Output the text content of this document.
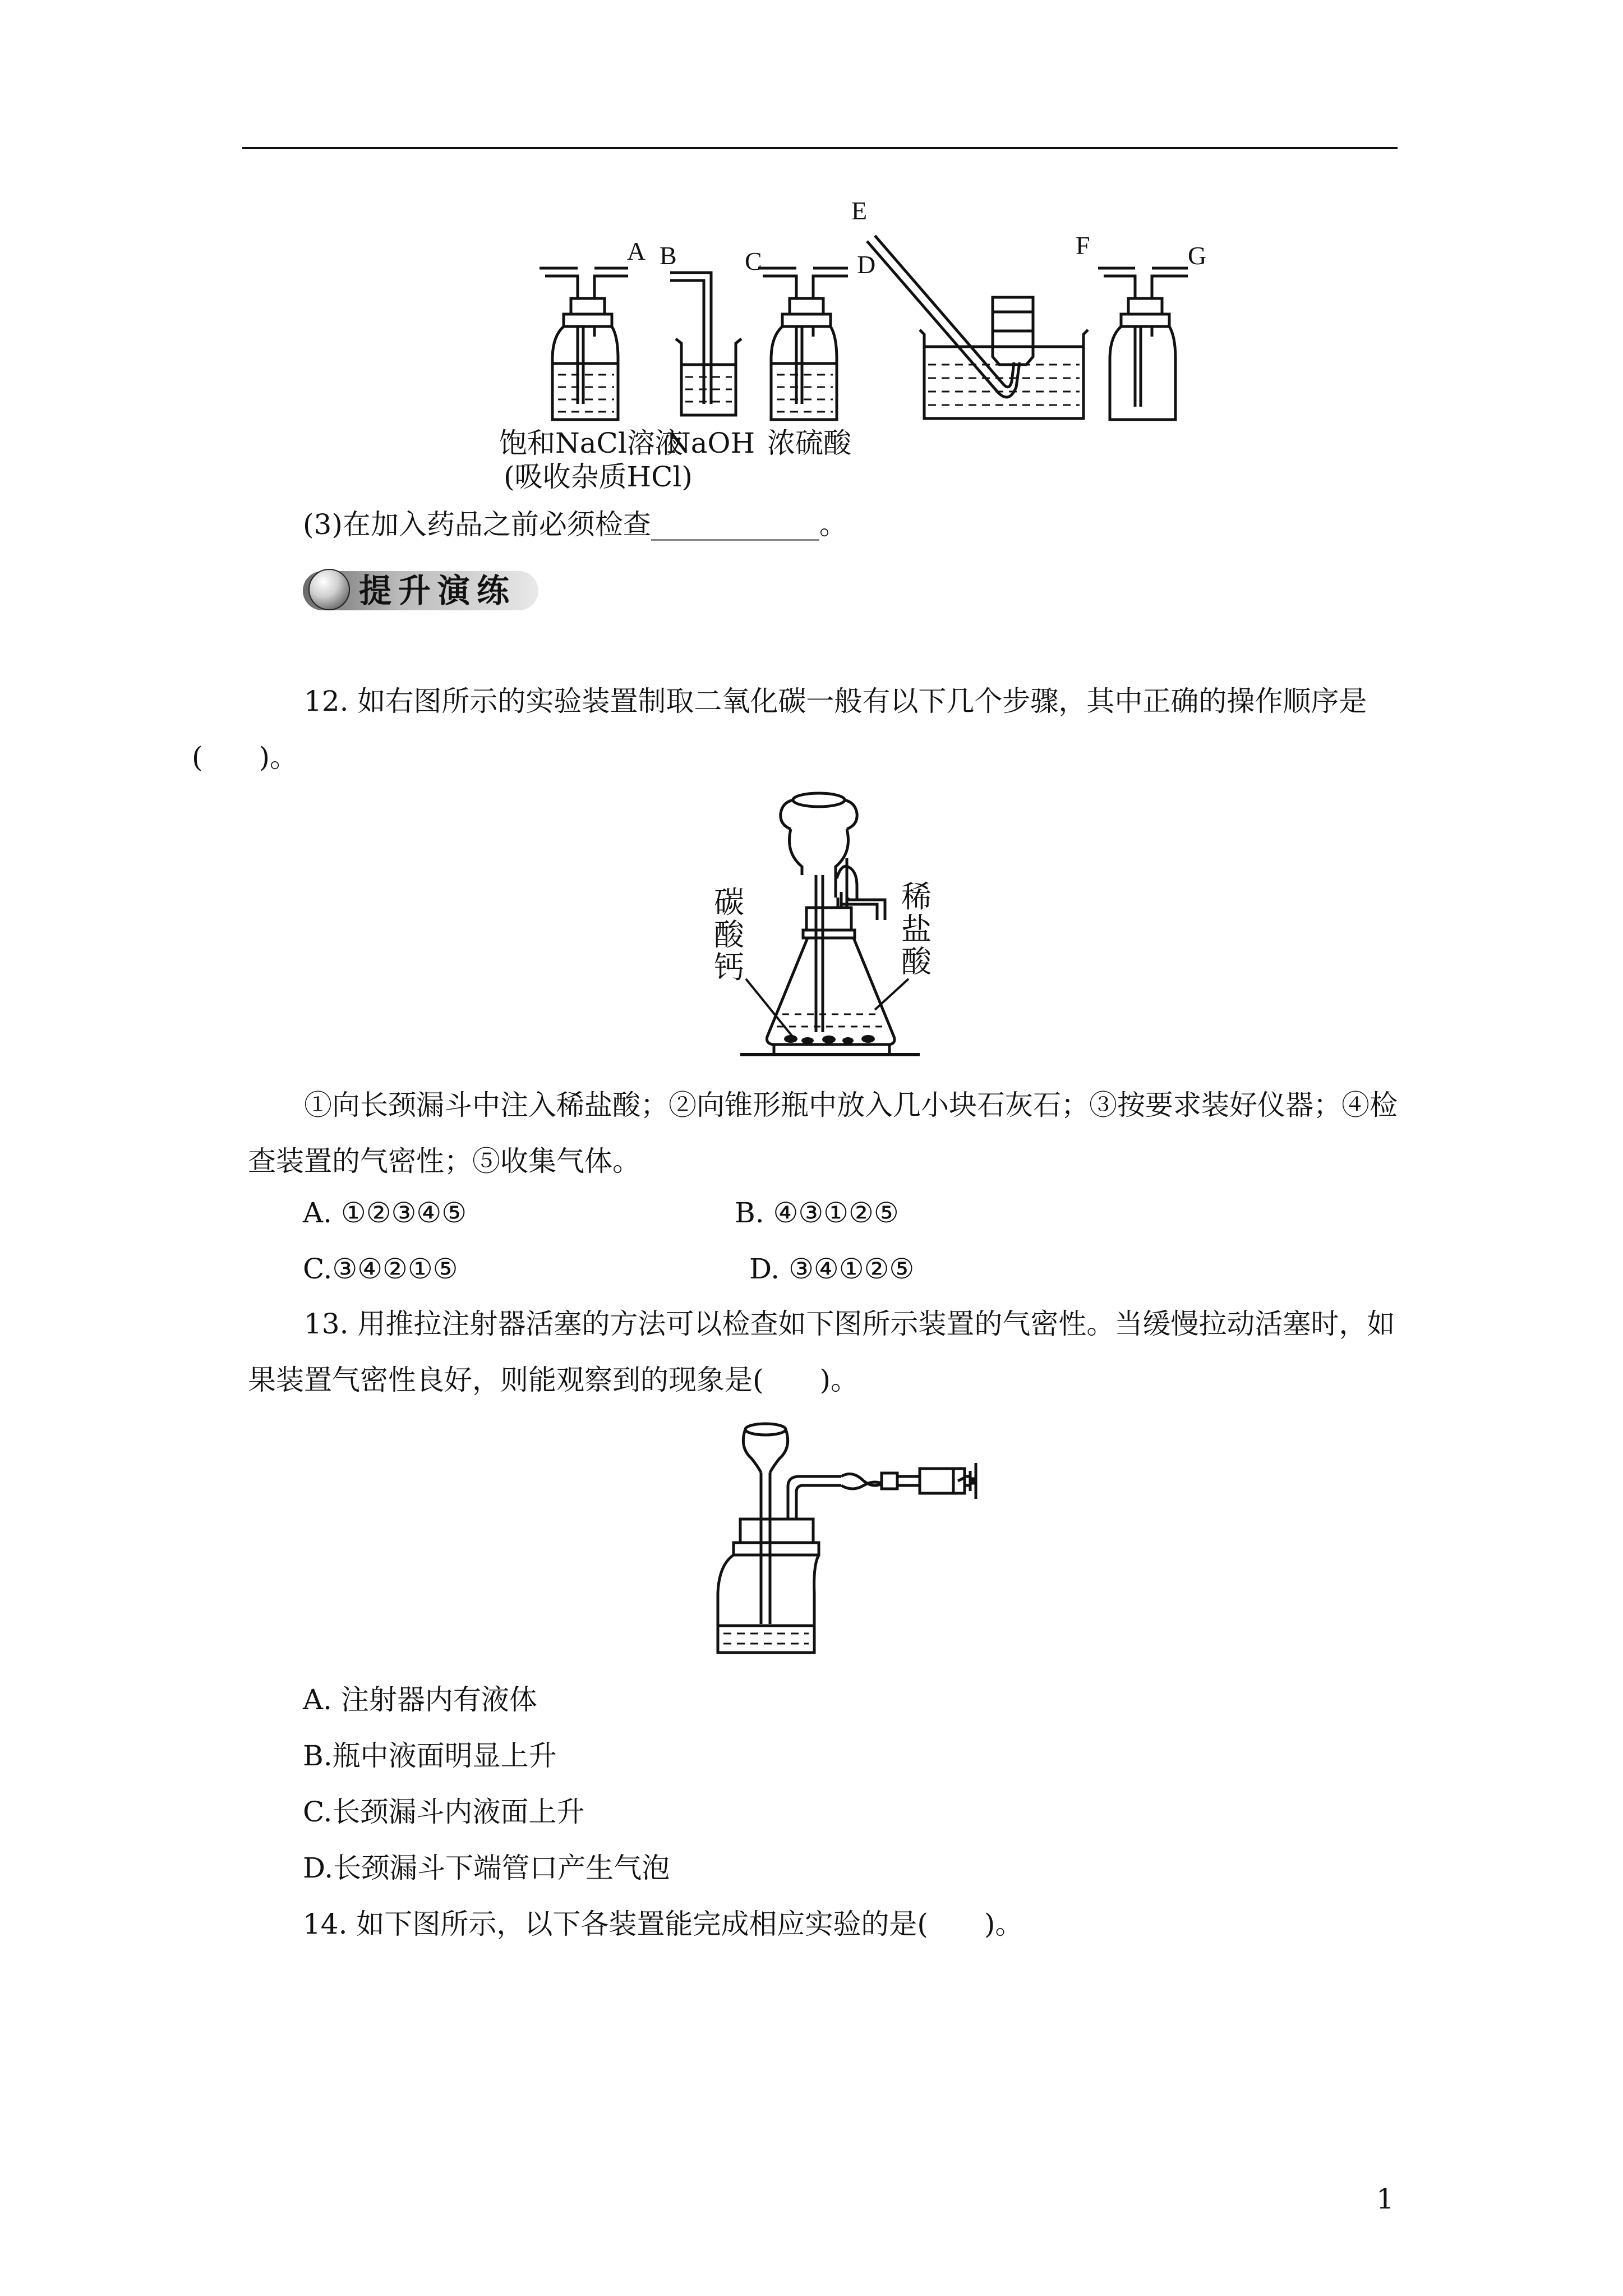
A B	C	D
E
F	G
饱和NaCl溶液
NaOH 浓硫酸
(吸收杂质HCl)
(3)在加入药品之前必须检查____________。
提升演练
12. 如右图所示的实验装置制取二氧化碳一般有以下几个步骤，其中正确的操作顺序是
(　　)。
碳酸钙
稀盐酸
①向长颈漏斗中注入稀盐酸；②向锥形瓶中放入几小块石灰石；③按要求装好仪器；④检查装置的气密性；⑤收集气体。
A. ①②③④⑤	B. ④③①②⑤
C.③④②①⑤	D. ③④①②⑤
13. 用推拉注射器活塞的方法可以检查如下图所示装置的气密性。当缓慢拉动活塞时，如果装置气密性良好，则能观察到的现象是(　　)。
A. 注射器内有液体
B.瓶中液面明显上升
C.长颈漏斗内液面上升
D.长颈漏斗下端管口产生气泡
14. 如下图所示，以下各装置能完成相应实验的是(　　)。
1
